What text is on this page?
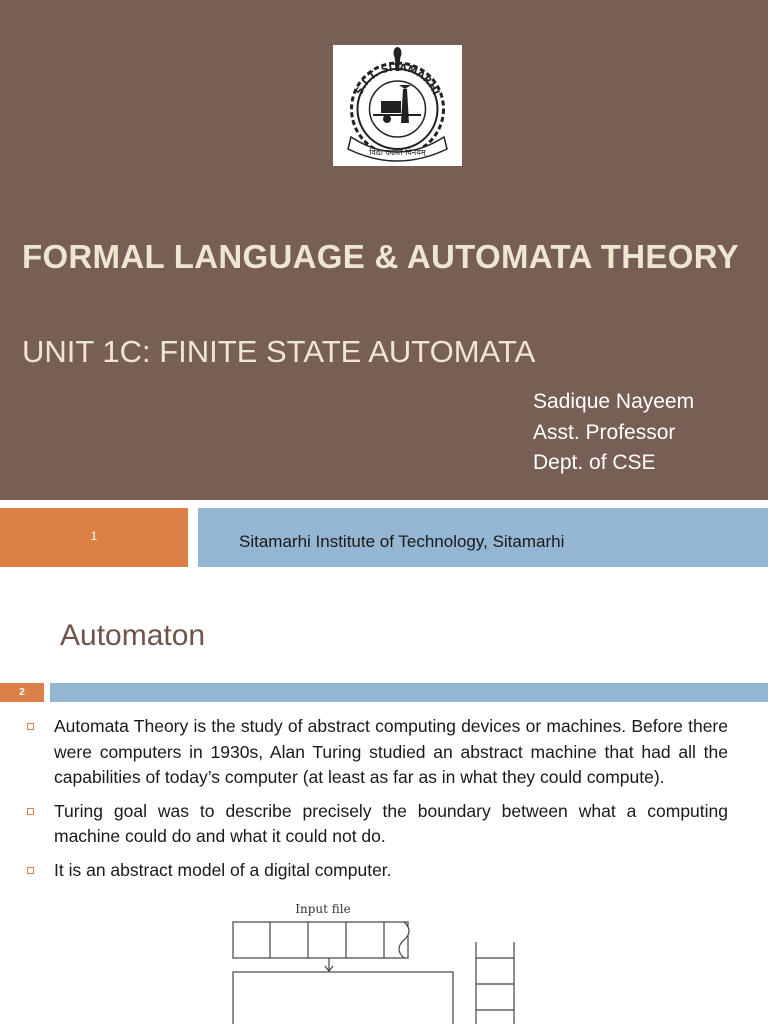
S.I.T. SITAMARHI
विद्या ददाति विनयम्
FORMAL LANGUAGE & AUTOMATA THEORY
UNIT 1C: FINITE STATE AUTOMATA
Sadique Nayeem
Asst. Professor
Dept. of CSE
1	Sitamarhi Institute of Technology, Sitamarhi
Automaton
2
Automata Theory is the study of abstract computing devices or machines. Before there were computers in 1930s, Alan Turing studied an abstract machine that had all the capabilities of today’s computer (at least as far as in what they could compute).
Turing goal was to describe precisely the boundary between what a computing machine could do and what it could not do.
It is an abstract model of a digital computer.
Input file
